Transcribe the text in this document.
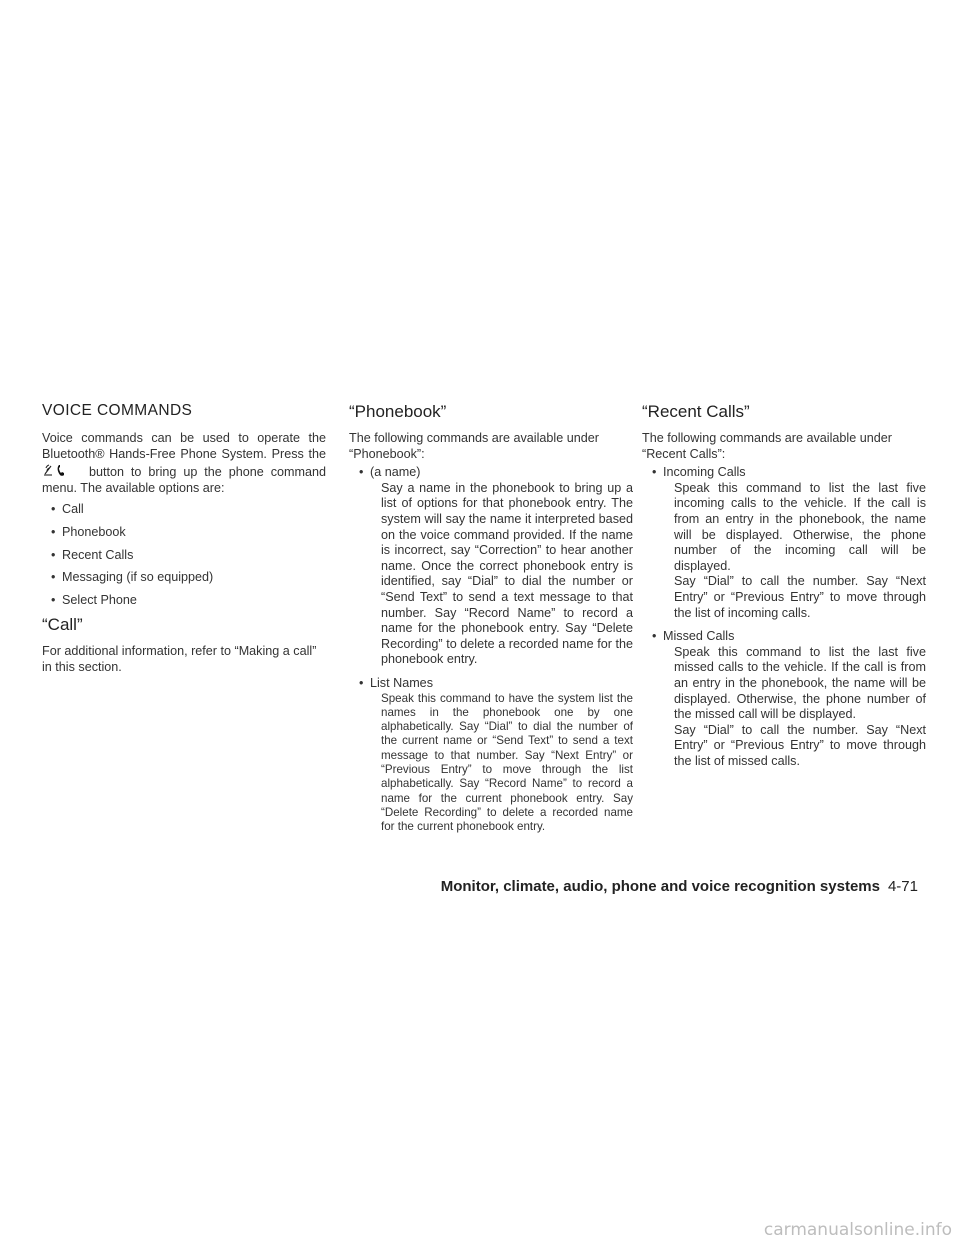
VOICE COMMANDS

Voice commands can be used to operate the Bluetooth® Hands-Free Phone System. Press the  button to bring up the phone command menu. The available options are:

• Call
• Phonebook
• Recent Calls
• Messaging (if so equipped)
• Select Phone
“Call”

For additional information, refer to “Making a call” in this section.

“Phonebook”

The following commands are available under “Phonebook”:

• (a name)

Say a name in the phonebook to bring up a list of options for that phonebook entry. The system will say the name it interpreted based on the voice command provided. If the name is incorrect, say “Correction” to hear another name. Once the correct phonebook entry is identified, say “Dial” to dial the number or “Send Text” to send a text message to that number. Say “Record Name” to record a name for the phonebook entry. Say “Delete Recording” to delete a recorded name for the phonebook entry.

• List Names

Speak this command to have the system list the names in the phonebook one by one alphabetically. Say “Dial” to dial the number of the current name or “Send Text” to send a text message to that number. Say “Next Entry” or “Previous Entry” to move through the list alphabetically. Say “Record Name” to record a name for the current phonebook entry. Say “Delete Recording” to delete a recorded name for the current phonebook entry.

“Recent Calls”

The following commands are available under “Recent Calls”:

• Incoming Calls

Speak this command to list the last five incoming calls to the vehicle. If the call is from an entry in the phonebook, the name will be displayed. Otherwise, the phone number of the incoming call will be displayed.

Say “Dial” to call the number. Say “Next Entry” or “Previous Entry” to move through the list of incoming calls.

• Missed Calls

Speak this command to list the last five missed calls to the vehicle. If the call is from an entry in the phonebook, the name will be displayed. Otherwise, the phone number of the missed call will be displayed.

Say “Dial” to call the number. Say “Next Entry” or “Previous Entry” to move through the list of missed calls.

Monitor, climate, audio, phone and voice recognition systems 4-71
carmanualsonline.info
